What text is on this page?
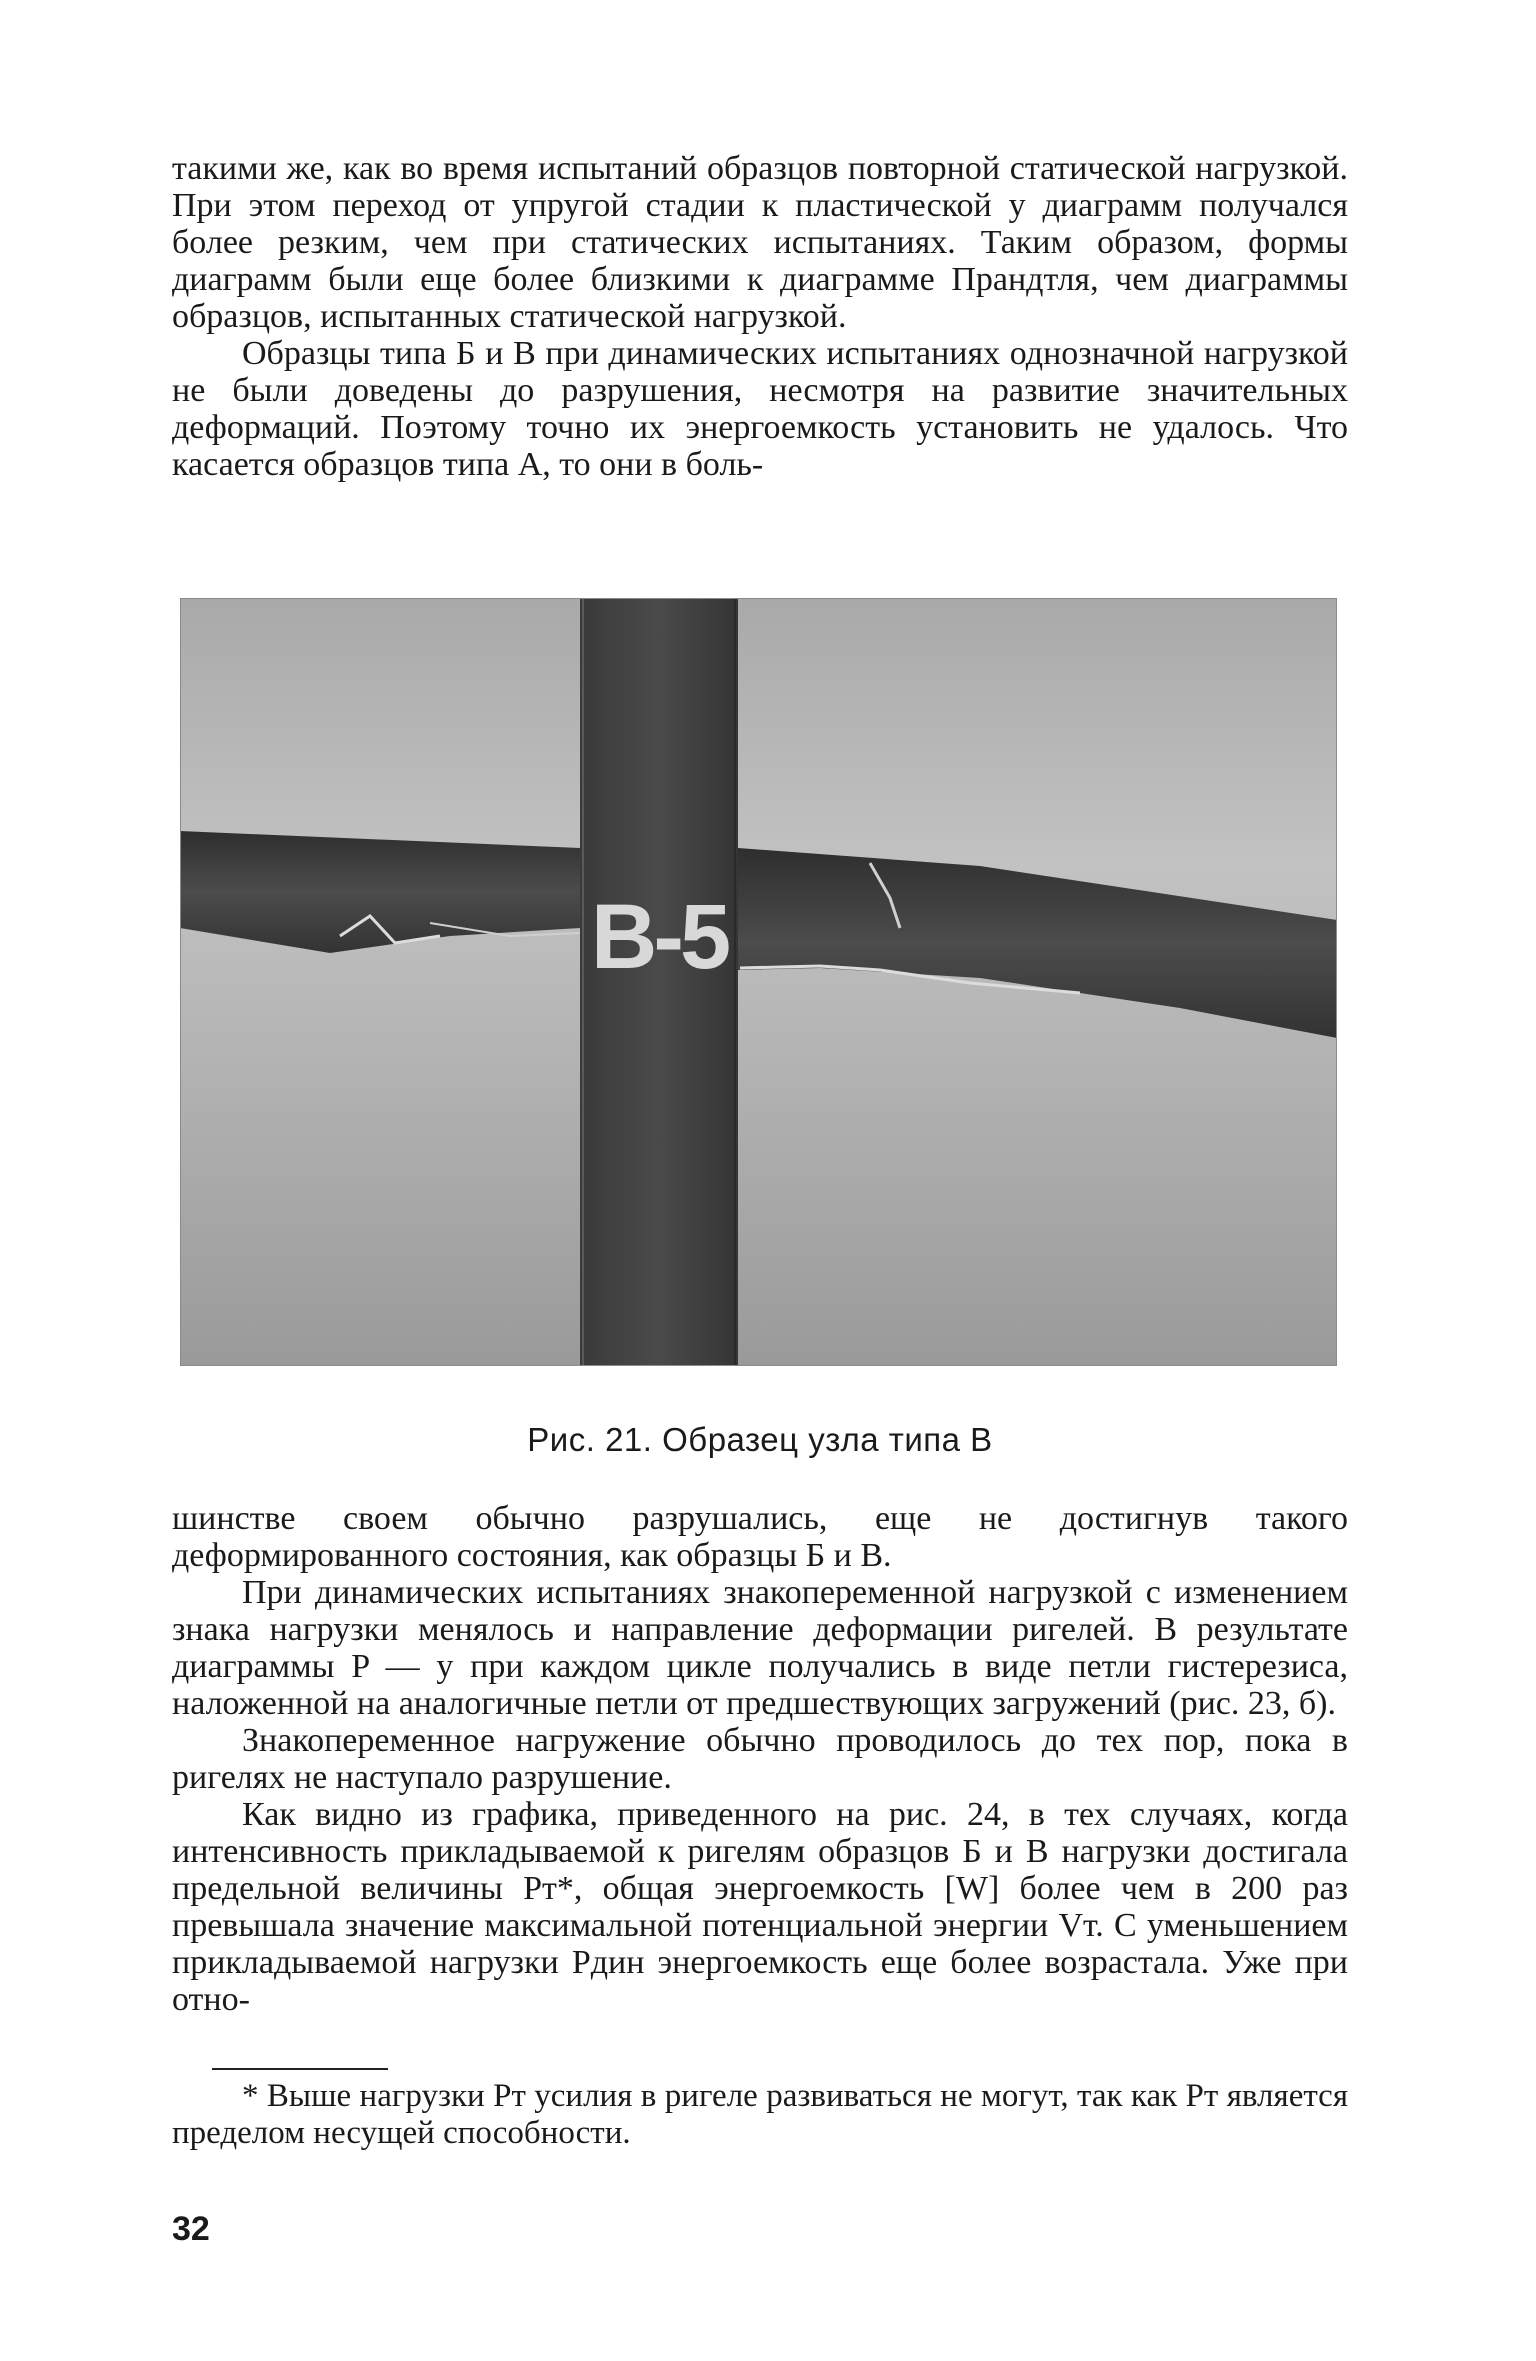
такими же, как во время испытаний образцов повторной статической нагрузкой. При этом переход от упругой стадии к пластической у диаграмм получался более резким, чем при статических испытаниях. Таким образом, формы диаграмм были еще более близкими к диаграмме Прандтля, чем диаграммы образцов, испытанных статической нагрузкой.

Образцы типа Б и В при динамических испытаниях однозначной нагрузкой не были доведены до разрушения, несмотря на развитие значительных деформаций. Поэтому точно их энергоемкость установить не удалось. Что касается образцов типа А, то они в боль-

B-5
Рис. 21. Образец узла типа В

шинстве своем обычно разрушались, еще не достигнув такого деформированного состояния, как образцы Б и В.

При динамических испытаниях знакопеременной нагрузкой с изменением знака нагрузки менялось и направление деформации ригелей. В результате диаграммы P — y при каждом цикле получались в виде петли гистерезиса, наложенной на аналогичные петли от предшествующих загружений (рис. 23, б).

Знакопеременное нагружение обычно проводилось до тех пор, пока в ригелях не наступало разрушение.

Как видно из графика, приведенного на рис. 24, в тех случаях, когда интенсивность прикладываемой к ригелям образцов Б и В нагрузки достигала предельной величины Pт*, общая энергоемкость [W] более чем в 200 раз превышала значение максимальной потенциальной энергии Vт. С уменьшением прикладываемой нагрузки Pдин энергоемкость еще более возрастала. Уже при отно-

* Выше нагрузки Pт усилия в ригеле развиваться не могут, так как Pт является пределом несущей способности.

32
